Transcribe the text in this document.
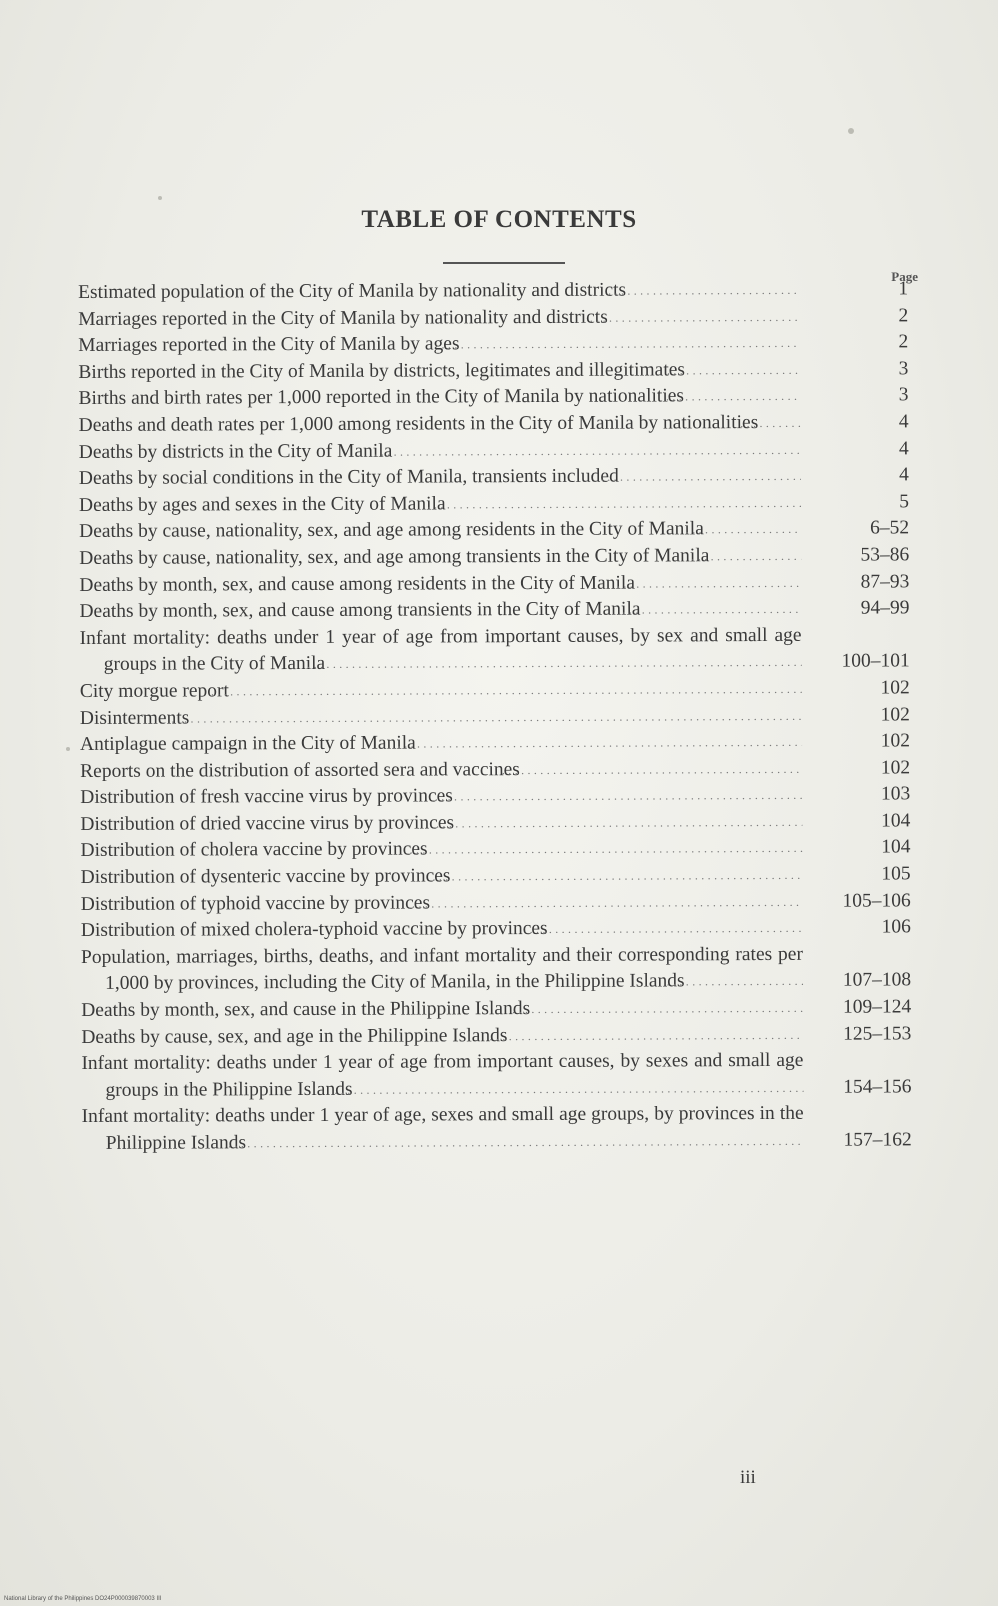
TABLE OF CONTENTS
Page
Estimated population of the City of Manila by nationality and districts . . .	1
Marriages reported in the City of Manila by nationality and districts . . .	2
Marriages reported in the City of Manila by ages . . .	2
Births reported in the City of Manila by districts, legitimates and illegitimates . . .	3
Births and birth rates per 1,000 reported in the City of Manila by nationalities . . .	3
Deaths and death rates per 1,000 among residents in the City of Manila by nationalities . . .	4
Deaths by districts in the City of Manila . . .	4
Deaths by social conditions in the City of Manila, transients included . . .	4
Deaths by ages and sexes in the City of Manila . . .	5
Deaths by cause, nationality, sex, and age among residents in the City of Manila . . .	6–52
Deaths by cause, nationality, sex, and age among transients in the City of Manila . . .	53–86
Deaths by month, sex, and cause among residents in the City of Manila . . .	87–93
Deaths by month, sex, and cause among transients in the City of Manila . . .	94–99
Infant mortality: deaths under 1 year of age from important causes, by sex and small age groups in the City of Manila . . .	100–101
City morgue report . . .	102
Disinterments . . .	102
Antiplague campaign in the City of Manila . . .	102
Reports on the distribution of assorted sera and vaccines . . .	102
Distribution of fresh vaccine virus by provinces . . .	103
Distribution of dried vaccine virus by provinces . . .	104
Distribution of cholera vaccine by provinces . . .	104
Distribution of dysenteric vaccine by provinces . . .	105
Distribution of typhoid vaccine by provinces . . .	105–106
Distribution of mixed cholera-typhoid vaccine by provinces . . .	106
Population, marriages, births, deaths, and infant mortality and their corresponding rates per 1,000 by provinces, including the City of Manila, in the Philippine Islands . . .	107–108
Deaths by month, sex, and cause in the Philippine Islands . . .	109–124
Deaths by cause, sex, and age in the Philippine Islands . . .	125–153
Infant mortality: deaths under 1 year of age from important causes, by sexes and small age groups in the Philippine Islands . . .	154–156
Infant mortality: deaths under 1 year of age, sexes and small age groups, by provinces in the Philippine Islands . . .	157–162
iii
National Library of the Philippines DO24P000039870003 III
